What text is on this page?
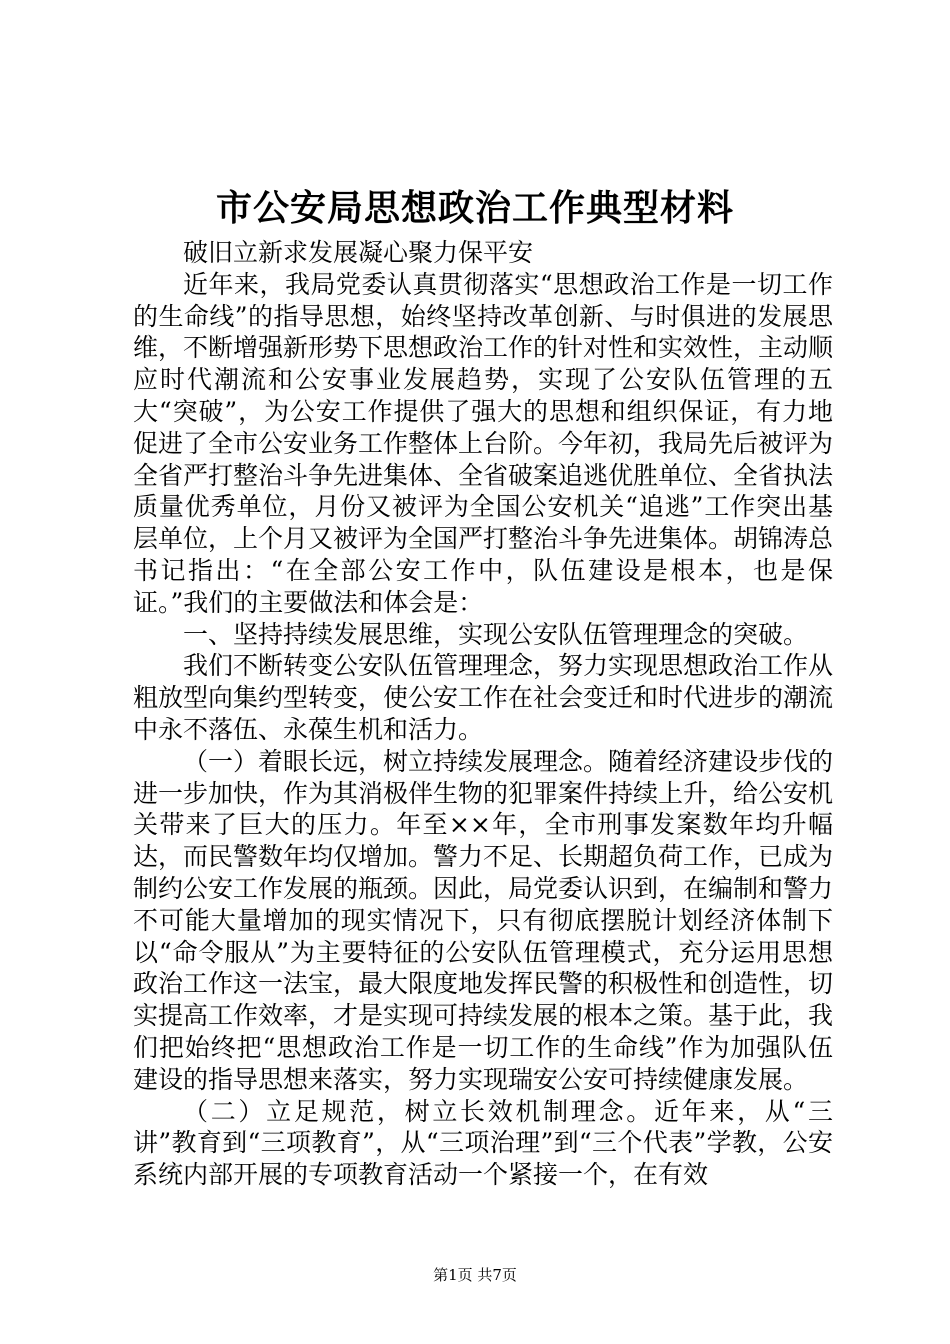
市公安局思想政治工作典型材料

破旧立新求发展凝心聚力保平安

近年来，我局党委认真贯彻落实“思想政治工作是一切工作的生命线”的指导思想，始终坚持改革创新、与时俱进的发展思维，不断增强新形势下思想政治工作的针对性和实效性，主动顺应时代潮流和公安事业发展趋势，实现了公安队伍管理的五大“突破”，为公安工作提供了强大的思想和组织保证，有力地促进了全市公安业务工作整体上台阶。今年初，我局先后被评为全省严打整治斗争先进集体、全省破案追逃优胜单位、全省执法质量优秀单位，月份又被评为全国公安机关“追逃”工作突出基层单位，上个月又被评为全国严打整治斗争先进集体。胡锦涛总书记指出：“在全部公安工作中，队伍建设是根本，也是保证。”我们的主要做法和体会是：

一、坚持持续发展思维，实现公安队伍管理理念的突破。

我们不断转变公安队伍管理理念，努力实现思想政治工作从粗放型向集约型转变，使公安工作在社会变迁和时代进步的潮流中永不落伍、永葆生机和活力。

（一）着眼长远，树立持续发展理念。随着经济建设步伐的进一步加快，作为其消极伴生物的犯罪案件持续上升，给公安机关带来了巨大的压力。年至××年，全市刑事发案数年均升幅达，而民警数年均仅增加。警力不足、长期超负荷工作，已成为制约公安工作发展的瓶颈。因此，局党委认识到，在编制和警力不可能大量增加的现实情况下，只有彻底摆脱计划经济体制下以“命令服从”为主要特征的公安队伍管理模式，充分运用思想政治工作这一法宝，最大限度地发挥民警的积极性和创造性，切实提高工作效率，才是实现可持续发展的根本之策。基于此，我们把始终把“思想政治工作是一切工作的生命线”作为加强队伍建设的指导思想来落实，努力实现瑞安公安可持续健康发展。

（二）立足规范，树立长效机制理念。近年来，从“三讲”教育到“三项教育”，从“三项治理”到“三个代表”学教，公安系统内部开展的专项教育活动一个紧接一个，在有效

第1页 共7页
